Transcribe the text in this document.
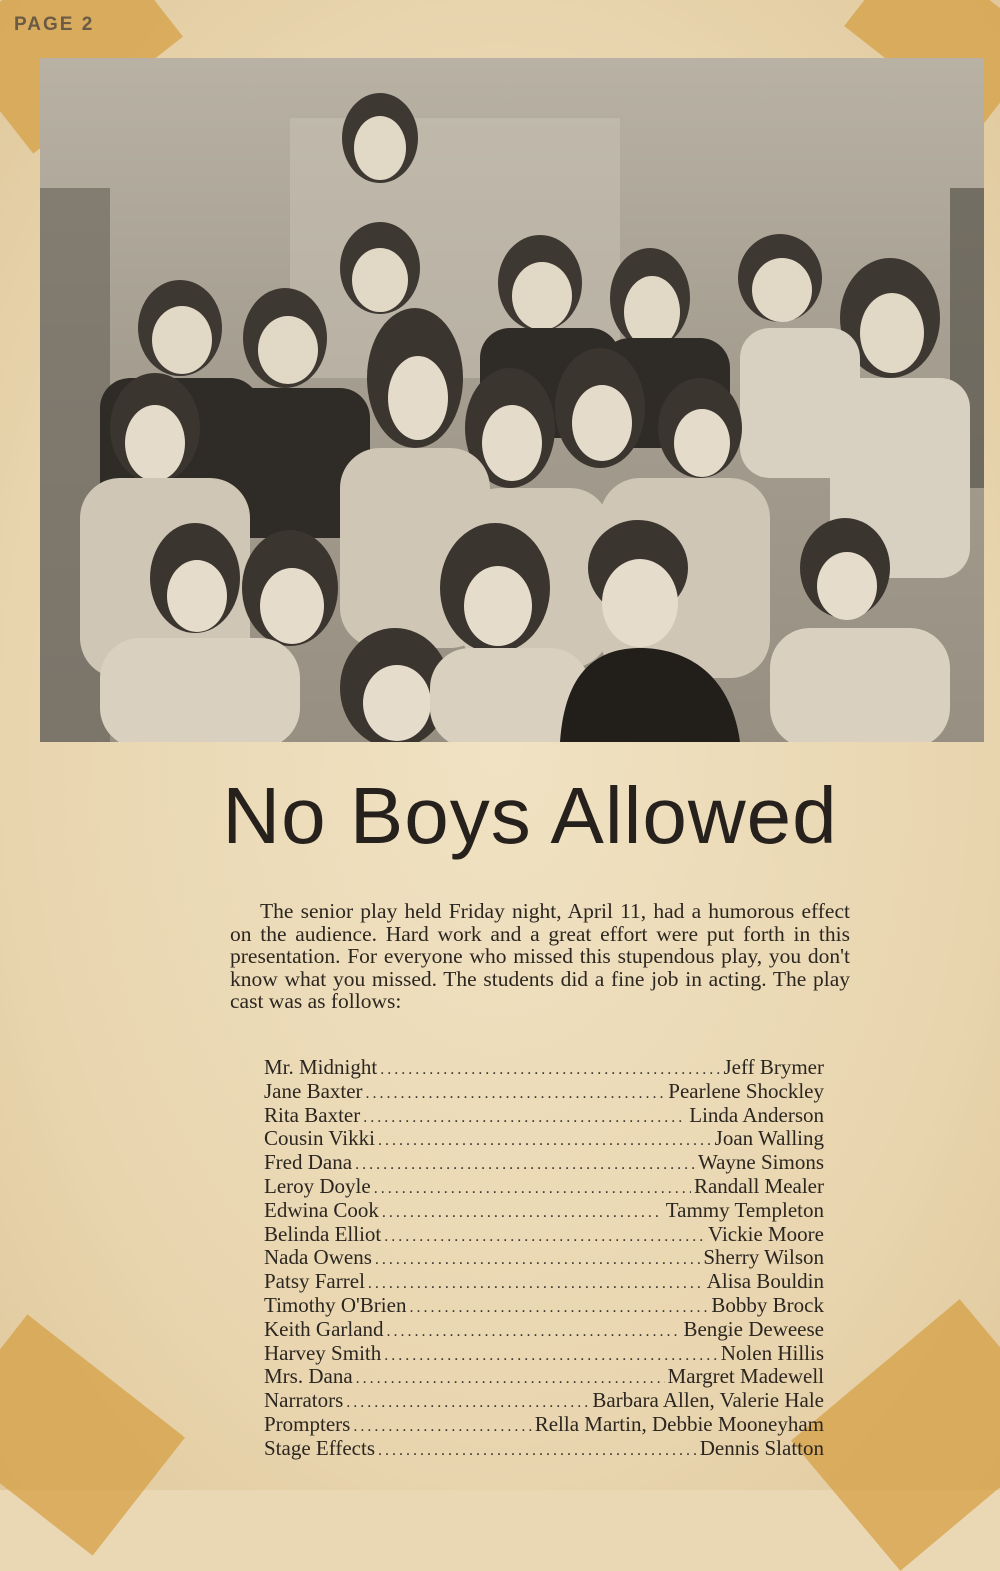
PAGE 2
No Boys Allowed
The senior play held Friday night, April 11, had a humorous effect on the audience. Hard work and a great effort were put forth in this presentation. For everyone who missed this stupendous play, you don't know what you missed. The students did a fine job in acting. The play cast was as follows:
Mr. Midnight .....	Jeff Brymer
Jane Baxter .....	Pearlene Shockley
Rita Baxter .....	Linda Anderson
Cousin Vikki .....	Joan Walling
Fred Dana .....	Wayne Simons
Leroy Doyle .....	Randall Mealer
Edwina Cook .....	Tammy Templeton
Belinda Elliot .....	Vickie Moore
Nada Owens .....	Sherry Wilson
Patsy Farrel .....	Alisa Bouldin
Timothy O'Brien .....	Bobby Brock
Keith Garland .....	Bengie Deweese
Harvey Smith .....	Nolen Hillis
Mrs. Dana .....	Margret Madewell
Narrators .....	Barbara Allen, Valerie Hale
Prompters .....	Rella Martin, Debbie Mooneyham
Stage Effects .....	Dennis Slatton
